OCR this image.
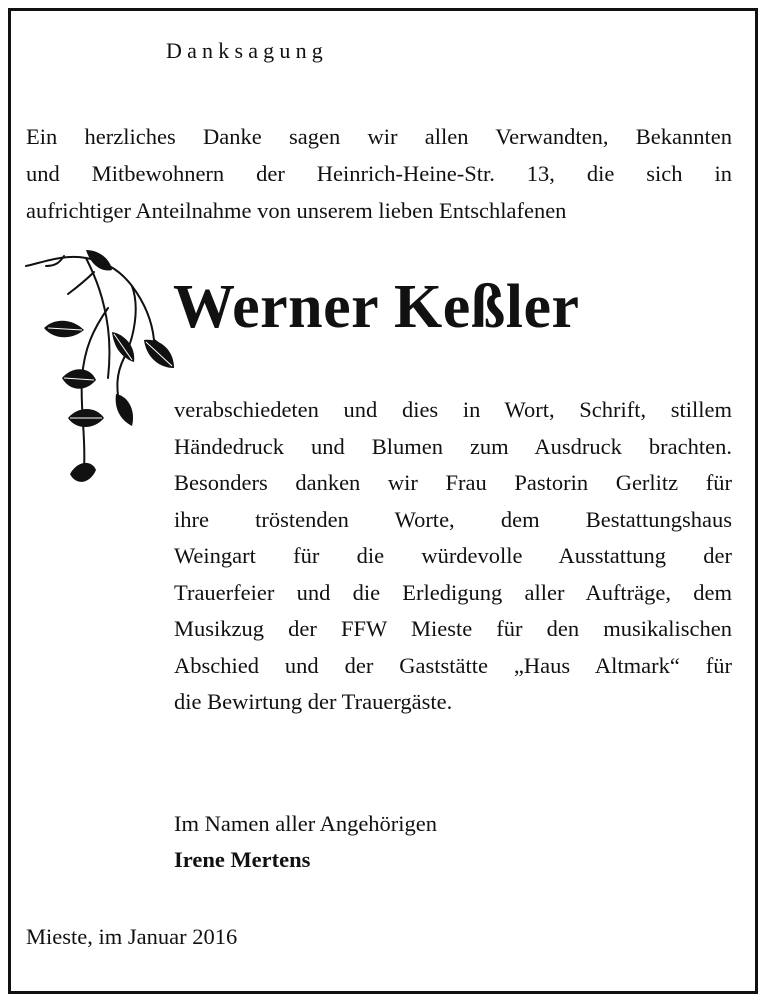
Danksagung
Ein herzliches Danke sagen wir allen Verwandten, Bekannten
und Mitbewohnern der Heinrich-Heine-Str. 13, die sich in
aufrichtiger Anteilnahme von unserem lieben Entschlafenen
Werner Keßler
verabschiedeten und dies in Wort, Schrift, stillem
Händedruck und Blumen zum Ausdruck brachten.
Besonders danken wir Frau Pastorin Gerlitz für
ihre tröstenden Worte, dem Bestattungshaus
Weingart für die würdevolle Ausstattung der
Trauerfeier und die Erledigung aller Aufträge, dem
Musikzug der FFW Mieste für den musikalischen
Abschied und der Gaststätte „Haus Altmark“ für
die Bewirtung der Trauergäste.
Im Namen aller Angehörigen
Irene Mertens
Mieste, im Januar 2016
